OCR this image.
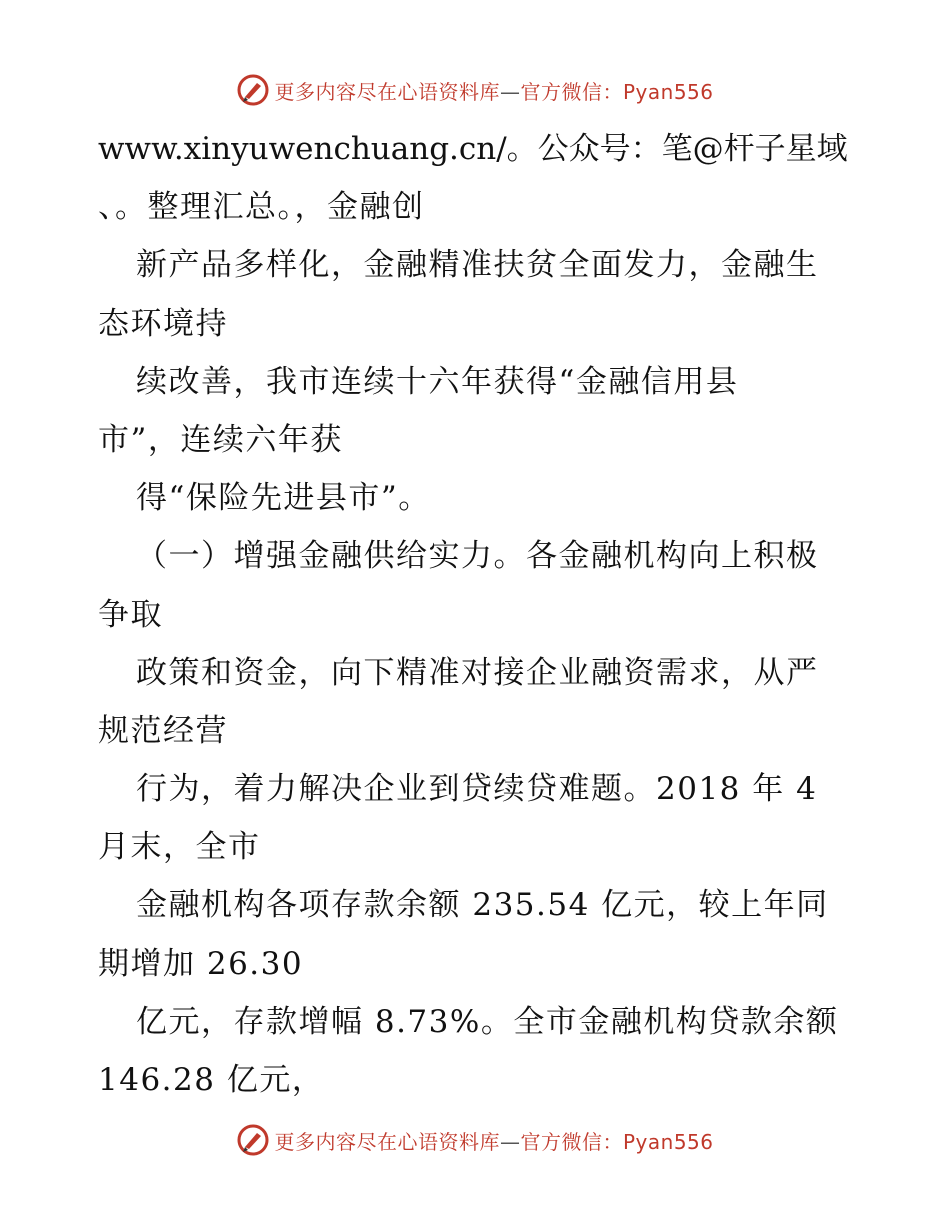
更多内容尽在心语资料库—官方微信：Pyan556
www.xinyuwenchuang.cn/。公众号：笔@杆子星域
、。整理汇总。，金融创
新产品多样化，金融精准扶贫全面发力，金融生
态环境持
续改善，我市连续十六年获得“金融信用县
市”，连续六年获
得“保险先进县市”。
（一）增强金融供给实力。各金融机构向上积极
争取
政策和资金，向下精准对接企业融资需求，从严
规范经营
行为，着力解决企业到贷续贷难题。2018 年 4
月末，全市
金融机构各项存款余额 235.54 亿元，较上年同
期增加 26.30
亿元，存款增幅 8.73%。全市金融机构贷款余额
146.28 亿元，
更多内容尽在心语资料库—官方微信：Pyan556
